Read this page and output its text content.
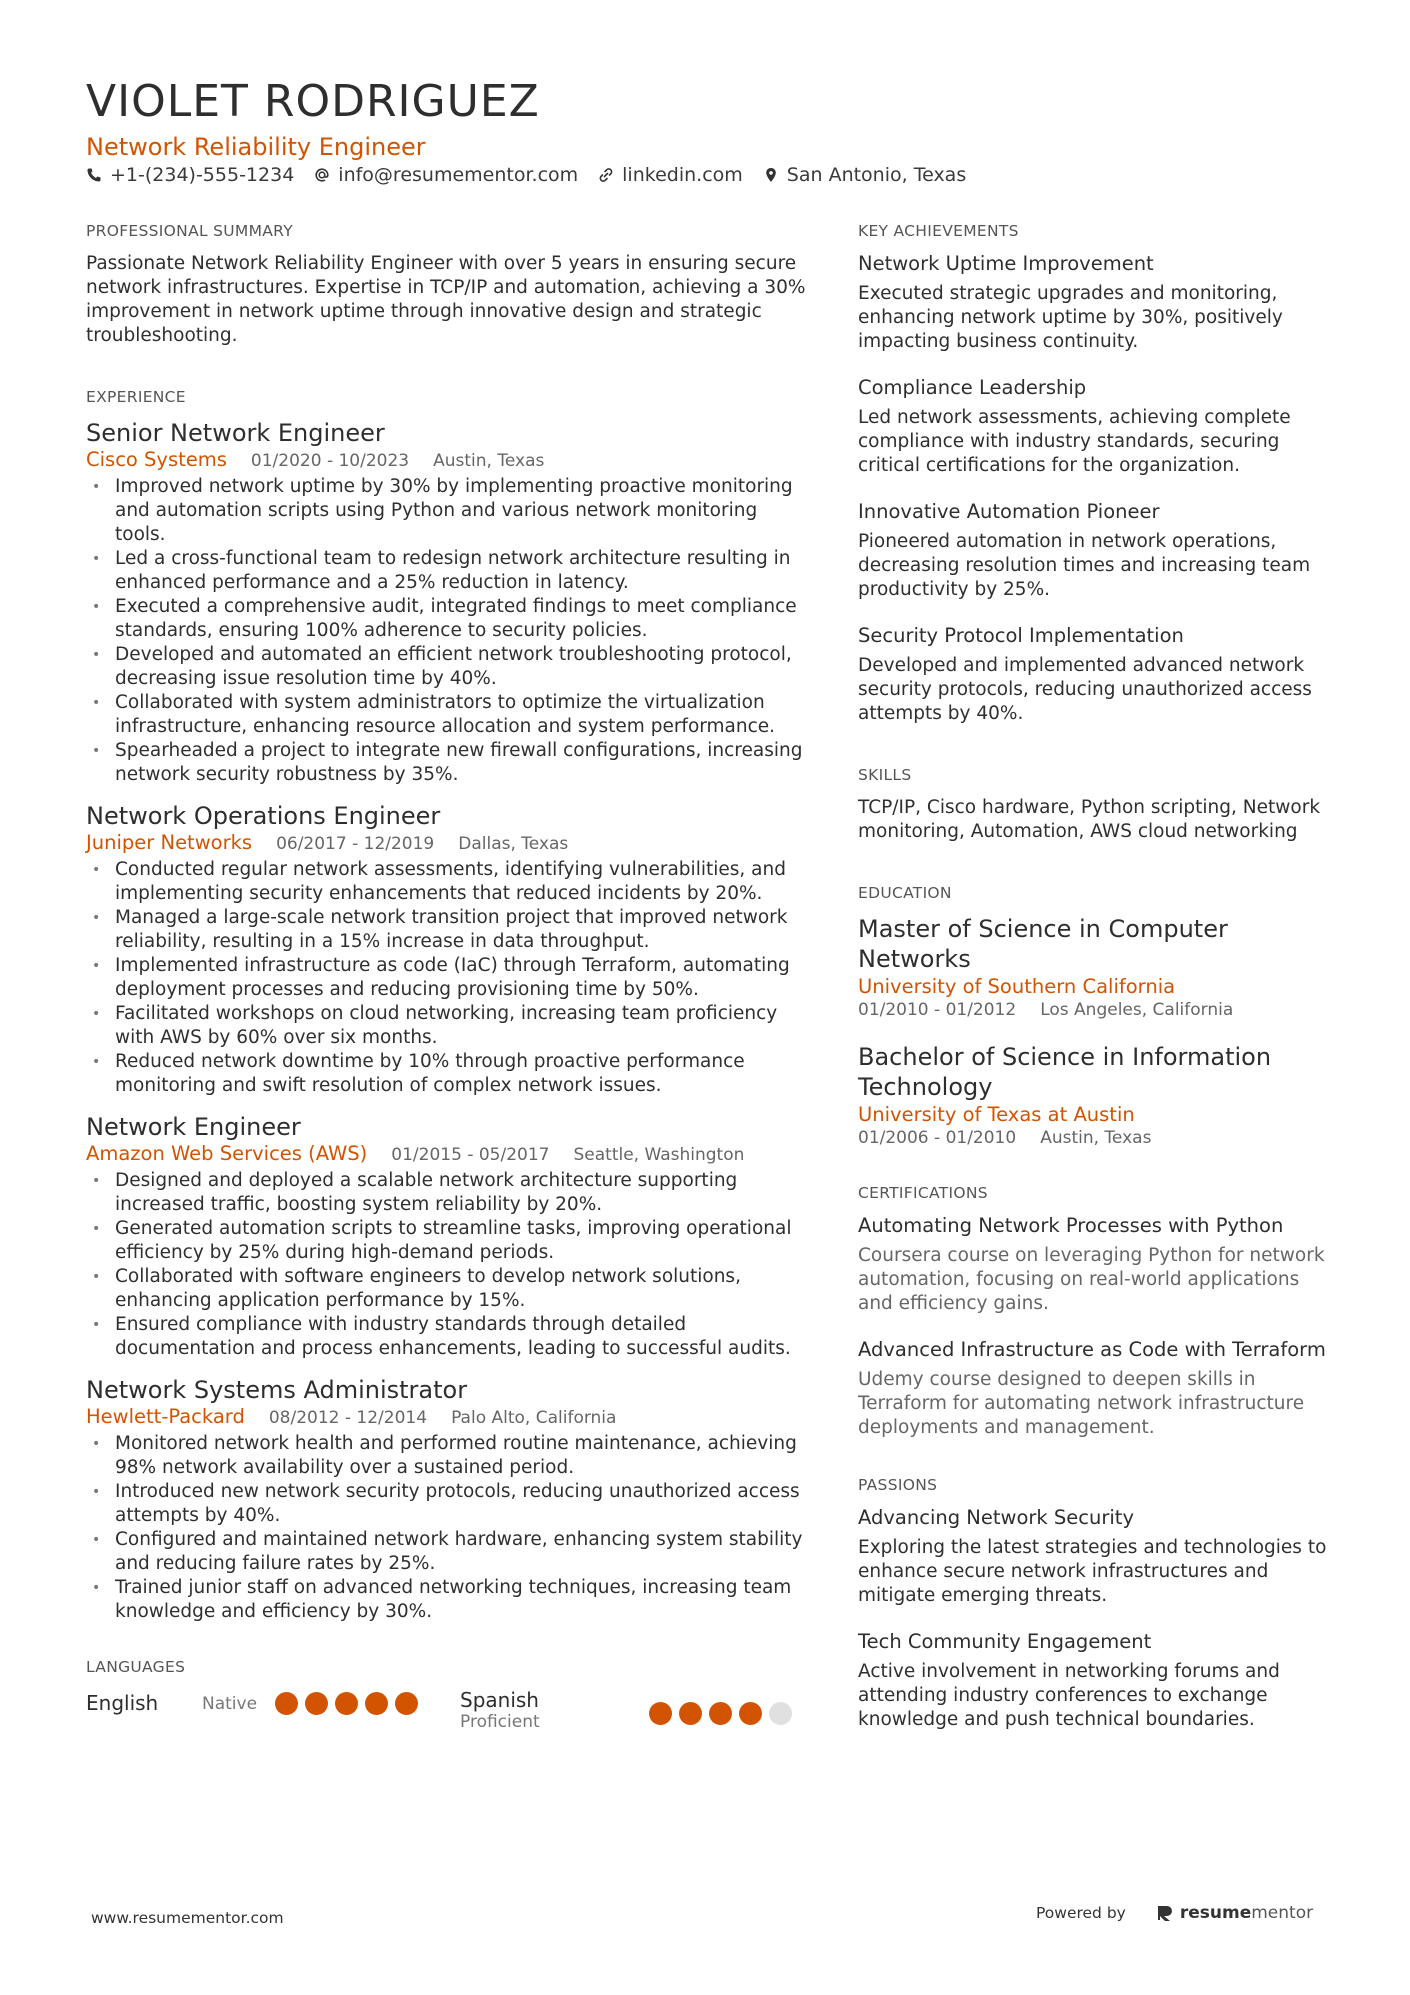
VIOLET RODRIGUEZ
Network Reliability Engineer
+1-(234)-555-1234 info@resumementor.com linkedin.com San Antonio, Texas
PROFESSIONAL SUMMARY

Passionate Network Reliability Engineer with over 5 years in ensuring secure network infrastructures. Expertise in TCP/IP and automation, achieving a 30% improvement in network uptime through innovative design and strategic troubleshooting.

EXPERIENCE
Senior Network Engineer
Cisco Systems 01/2020 - 10/2023 Austin, Texas
• Improved network uptime by 30% by implementing proactive monitoring and automation scripts using Python and various network monitoring tools.
• Led a cross-functional team to redesign network architecture resulting in enhanced performance and a 25% reduction in latency.
• Executed a comprehensive audit, integrated findings to meet compliance standards, ensuring 100% adherence to security policies.
• Developed and automated an efficient network troubleshooting protocol, decreasing issue resolution time by 40%.
• Collaborated with system administrators to optimize the virtualization infrastructure, enhancing resource allocation and system performance.
• Spearheaded a project to integrate new firewall configurations, increasing network security robustness by 35%.
Network Operations Engineer
Juniper Networks 06/2017 - 12/2019 Dallas, Texas
• Conducted regular network assessments, identifying vulnerabilities, and implementing security enhancements that reduced incidents by 20%.
• Managed a large-scale network transition project that improved network reliability, resulting in a 15% increase in data throughput.
• Implemented infrastructure as code (IaC) through Terraform, automating deployment processes and reducing provisioning time by 50%.
• Facilitated workshops on cloud networking, increasing team proficiency with AWS by 60% over six months.
• Reduced network downtime by 10% through proactive performance monitoring and swift resolution of complex network issues.
Network Engineer
Amazon Web Services (AWS) 01/2015 - 05/2017 Seattle, Washington
• Designed and deployed a scalable network architecture supporting increased traffic, boosting system reliability by 20%.
• Generated automation scripts to streamline tasks, improving operational efficiency by 25% during high-demand periods.
• Collaborated with software engineers to develop network solutions, enhancing application performance by 15%.
• Ensured compliance with industry standards through detailed documentation and process enhancements, leading to successful audits.
Network Systems Administrator
Hewlett-Packard 08/2012 - 12/2014 Palo Alto, California
• Monitored network health and performed routine maintenance, achieving 98% network availability over a sustained period.
• Introduced new network security protocols, reducing unauthorized access attempts by 40%.
• Configured and maintained network hardware, enhancing system stability and reducing failure rates by 25%.
• Trained junior staff on advanced networking techniques, increasing team knowledge and efficiency by 30%.
LANGUAGES
English	Native	Spanish
Proficient
KEY ACHIEVEMENTS
Network Uptime Improvement

Executed strategic upgrades and monitoring, enhancing network uptime by 30%, positively impacting business continuity.

Compliance Leadership

Led network assessments, achieving complete compliance with industry standards, securing critical certifications for the organization.

Innovative Automation Pioneer

Pioneered automation in network operations, decreasing resolution times and increasing team productivity by 25%.

Security Protocol Implementation

Developed and implemented advanced network security protocols, reducing unauthorized access attempts by 40%.

SKILLS

TCP/IP, Cisco hardware, Python scripting, Network monitoring, Automation, AWS cloud networking

EDUCATION
Master of Science in Computer Networks
University of Southern California
01/2010 - 01/2012 Los Angeles, California
Bachelor of Science in Information Technology
University of Texas at Austin
01/2006 - 01/2010 Austin, Texas
CERTIFICATIONS
Automating Network Processes with Python

Coursera course on leveraging Python for network automation, focusing on real-world applications and efficiency gains.

Advanced Infrastructure as Code with Terraform

Udemy course designed to deepen skills in Terraform for automating network infrastructure deployments and management.

PASSIONS
Advancing Network Security

Exploring the latest strategies and technologies to enhance secure network infrastructures and mitigate emerging threats.

Tech Community Engagement

Active involvement in networking forums and attending industry conferences to exchange knowledge and push technical boundaries.

www.resumementor.com	Powered by	resumementor
